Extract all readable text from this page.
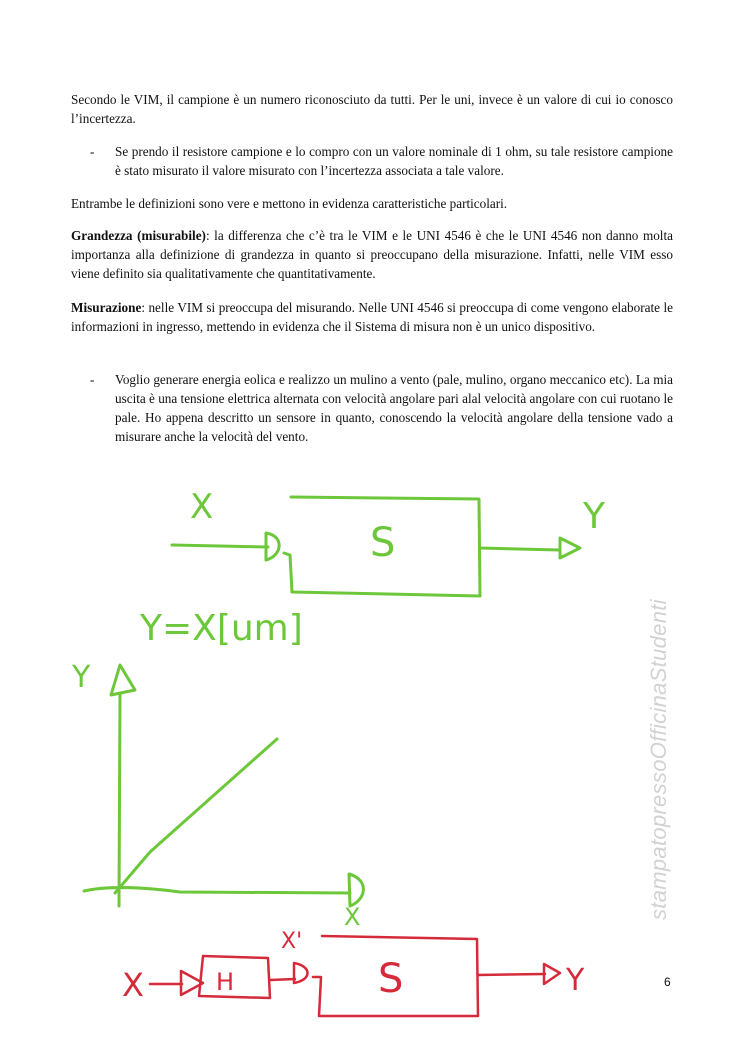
Secondo le VIM, il campione è un numero riconosciuto da tutti. Per le uni, invece è un valore di cui io conosco l’incertezza.

- Se prendo il resistore campione e lo compro con un valore nominale di 1 ohm, su tale resistore campione è stato misurato il valore misurato con l’incertezza associata a tale valore.

Entrambe le definizioni sono vere e mettono in evidenza caratteristiche particolari.

Grandezza (misurabile): la differenza che c’è tra le VIM e le UNI 4546 è che le UNI 4546 non danno molta importanza alla definizione di grandezza in quanto si preoccupano della misurazione. Infatti, nelle VIM esso viene definito sia qualitativamente che quantitativamente.

Misurazione: nelle VIM si preoccupa del misurando. Nelle UNI 4546 si preoccupa di come vengono elaborate le informazioni in ingresso, mettendo in evidenza che il Sistema di misura non è un unico dispositivo.

- Voglio generare energia eolica e realizzo un mulino a vento (pale, mulino, organo meccanico etc). La mia uscita è una tensione elettrica alternata con velocità angolare pari alal velocità angolare con cui ruotano le pale. Ho appena descritto un sensore in quanto, conoscendo la velocità angolare della tensione vado a misurare anche la velocità del vento.
X	Y
S
Y=X[um]
Y
X
X	H
X'
S	Y
stampatopressoOfficinaStudenti
6
